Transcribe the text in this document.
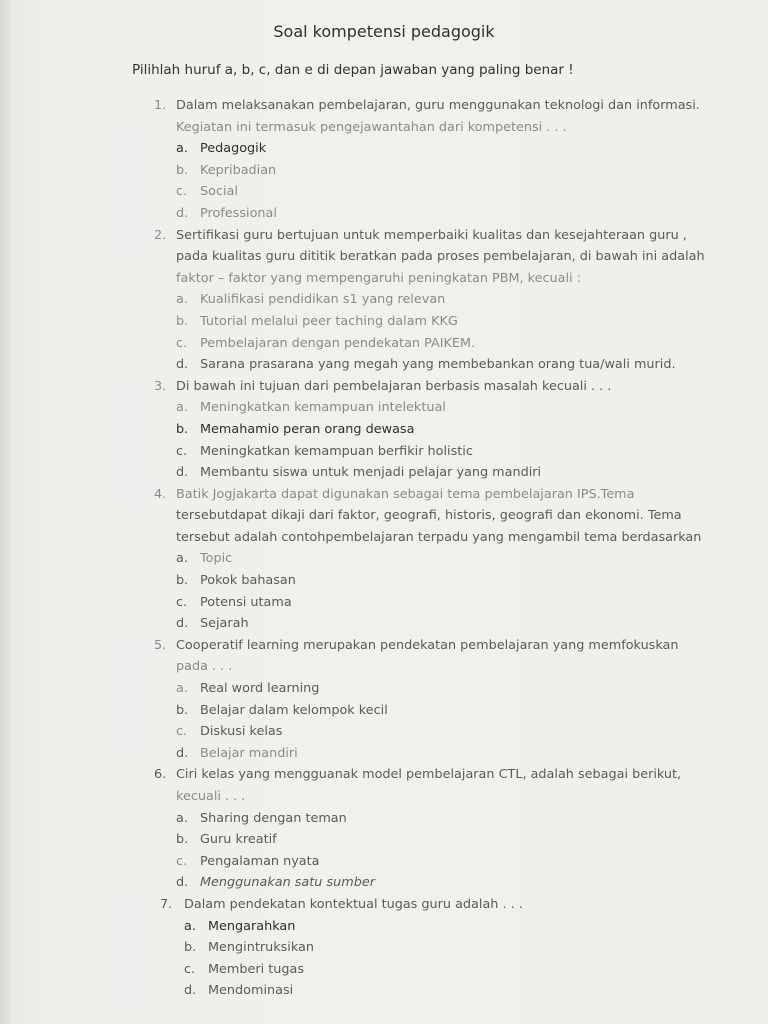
Soal kompetensi pedagogik
Pilihlah huruf a, b, c, dan e di depan jawaban yang paling benar !
1. Dalam melaksanakan pembelajaran, guru menggunakan teknologi dan informasi.
Kegiatan ini termasuk pengejawantahan dari kompetensi . . .
a. Pedagogik
b. Kepribadian
c. Social
d. Professional
2. Sertifikasi guru bertujuan untuk memperbaiki kualitas dan kesejahteraan guru ,
pada kualitas guru dititik beratkan pada proses pembelajaran, di bawah ini adalah
faktor – faktor yang mempengaruhi peningkatan PBM, kecuali :
a. Kualifikasi pendidikan s1 yang relevan
b. Tutorial melalui peer taching dalam KKG
c. Pembelajaran dengan pendekatan PAIKEM.
d. Sarana prasarana yang megah yang membebankan orang tua/wali murid.
3. Di bawah ini tujuan dari pembelajaran berbasis masalah kecuali . . .
a. Meningkatkan kemampuan intelektual
b. Memahamio peran orang dewasa
c. Meningkatkan kemampuan berfikir holistic
d. Membantu siswa untuk menjadi pelajar yang mandiri
4. Batik Jogjakarta dapat digunakan sebagai tema pembelajaran IPS.Tema
tersebutdapat dikaji dari faktor, geografi, historis, geografi dan ekonomi. Tema
tersebut adalah contohpembelajaran terpadu yang mengambil tema berdasarkan
a. Topic
b. Pokok bahasan
c. Potensi utama
d. Sejarah
5. Cooperatif learning merupakan pendekatan pembelajaran yang memfokuskan
pada . . .
a. Real word learning
b. Belajar dalam kelompok kecil
c. Diskusi kelas
d. Belajar mandiri
6. Ciri kelas yang mengguanak model pembelajaran CTL, adalah sebagai berikut,
kecuali . . .
a. Sharing dengan teman
b. Guru kreatif
c. Pengalaman nyata
d. Menggunakan satu sumber
7. Dalam pendekatan kontektual tugas guru adalah . . .
a. Mengarahkan
b. Mengintruksikan
c. Memberi tugas
d. Mendominasi
